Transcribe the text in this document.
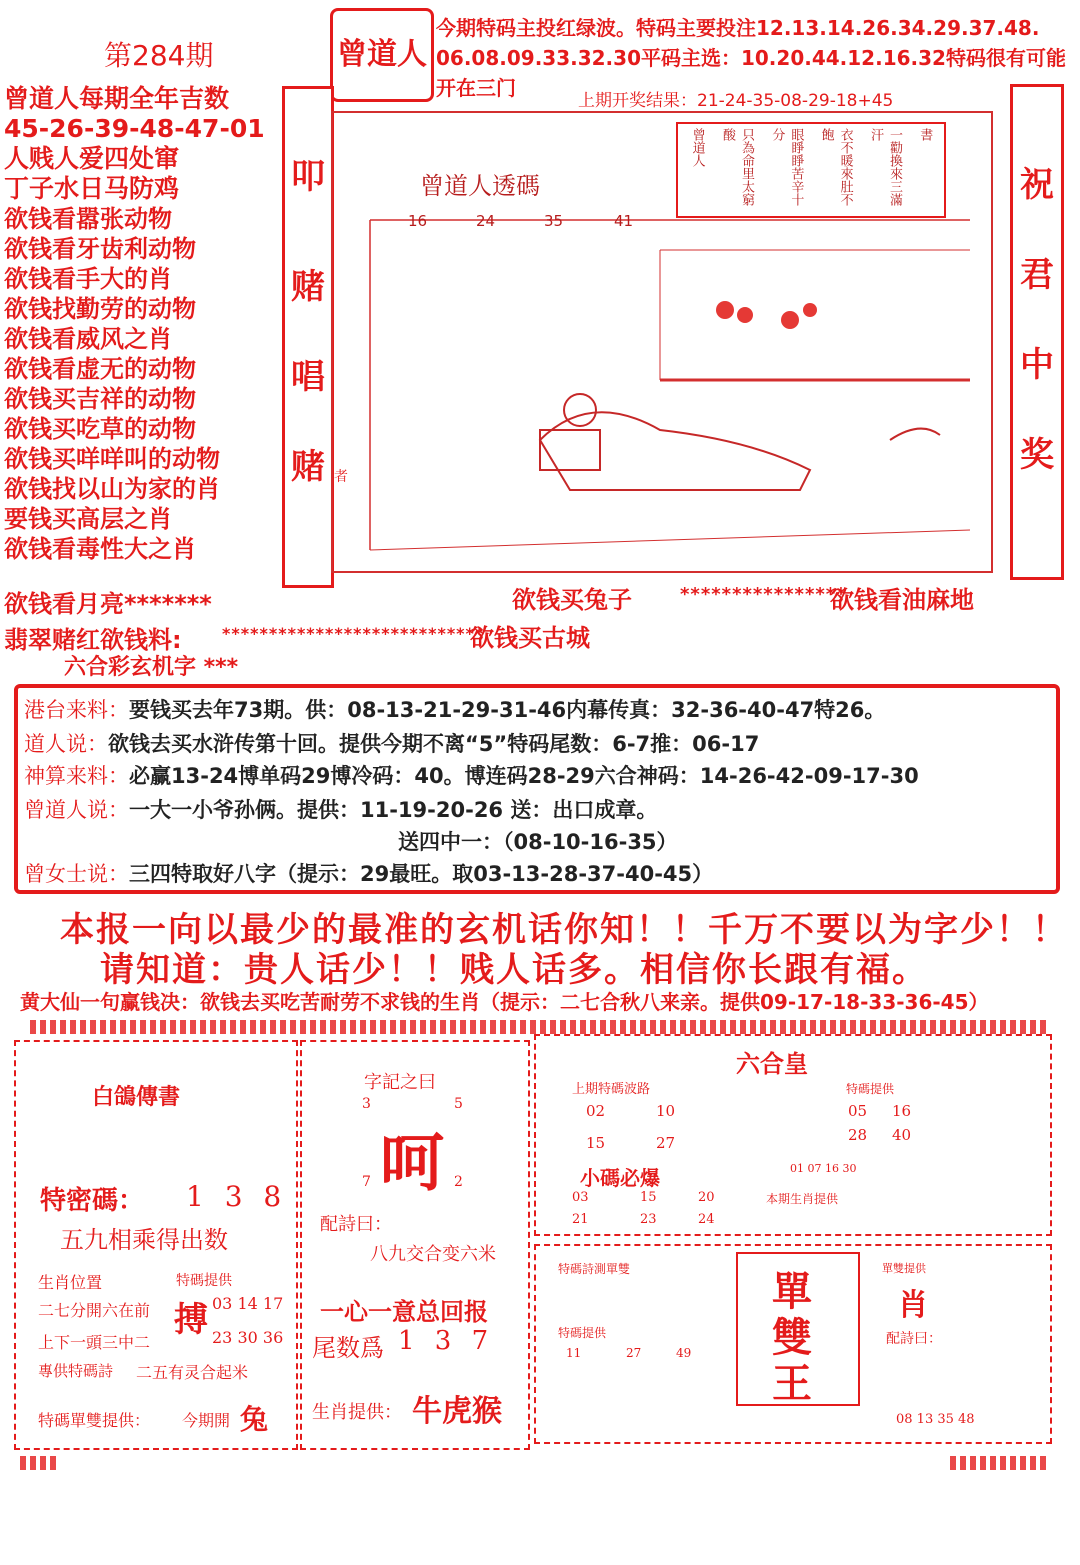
第284期	曾道人
今期特码主投红绿波。特码主要投注12.13.14.26.34.29.37.48.
06.08.09.33.32.30平码主选：10.20.44.12.16.32特码很有可能
开在三门
上期开奖结果：21-24-35-08-29-18+45
曾道人每期全年吉数
45-26-39-48-47-01
人贱人爱四处窜
丁子水日马防鸡
欲钱看嚣张动物
欲钱看牙齿利动物
欲钱看手大的肖
欲钱找勤劳的动物
欲钱看威风之肖
欲钱看虚无的动物
欲钱买吉祥的动物
欲钱买吃草的动物
欲钱买咩咩叫的动物
欲钱找以山为家的肖
要钱买高层之肖
欲钱看毒性大之肖
叩
赌
唱
赌 者
曾道人透碼
16	24	35	41
書
一勸換來三滿汗
衣不暖來肚不飽
眼睜睜苦辛十分
只為命里太窮酸
曾道人
祝
君
中
奖
欲钱看月亮*******	欲钱买兔子	****************
欲钱看油麻地
翡翠赌红欲钱料:	****************************
欲钱买古城
六合彩玄机字 ***
港台来料：要钱买去年73期。供：08-13-21-29-31-46内幕传真：32-36-40-47特26。
道人说：欲钱去买水浒传第十回。提供今期不离“5”特码尾数：6-7推：06-17
神算来料：必赢13-24博单码29博冷码：40。博连码28-29六合神码：14-26-42-09-17-30
曾道人说：一大一小爷孙俩。提供：11-19-20-26 送：出口成章。
送四中一：（08-10-16-35）
曾女士说：三四特取好八字（提示：29最旺。取03-13-28-37-40-45）
本报一向以最少的最准的玄机话你知！！千万不要以为字少！！
请知道：贵人话少！！贱人话多。相信你长跟有福。
黄大仙一句赢钱决：欲钱去买吃苦耐劳不求钱的生肖（提示：二七合秋八来亲。提供09-17-18-33-36-45）
白鴿傳書
特密碼： 1 3 8
五九相乘得出数
生肖位置
二七分開六在前
上下一頭三中二
特碼提供
搏 03 14 17
23 30 36
專供特碼詩 二五有灵合起米
特碼單雙提供： 今期開 兔
字記之曰
3	5
呵
7	2
配詩曰：
八九交合变六米
一心一意总回报
尾数爲 1 3 7
生肖提供： 牛虎猴
六合皇
上期特碼波路
02	10
15	27
特碼提供
05 16
28 40
小碼必爆	01 07 16 30
03	15	20
21	23	24
本期生肖提供
特碼詩測單雙
特碼提供
11	27	49
單
雙
王
單雙提供
肖
配詩曰：
08 13 35 48
